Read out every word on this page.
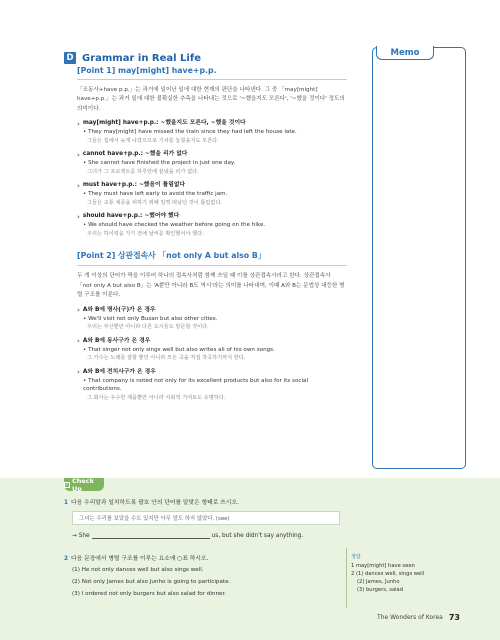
D Grammar in Real Life
[Point 1] may[might] have+p.p.
「조동사+have p.p.」는 과거에 일어난 일에 대한 현재의 판단을 나타낸다. 그 중 「may[might] have+p.p.」는 과거 일에 대한 불확실한 추측을 나타내는 것으로 '~했을지도 모른다', '~했을 것이다' 정도의 의미이다.
› may[might] have+p.p.: ~했을지도 모른다, ~했을 것이다
• They may[might] have missed the train since they had left the house late.
그들은 집에서 늦게 나갔으므로 기차를 놓쳤을지도 모른다.
› cannot have+p.p.: ~했을 리가 없다
• She cannot have finished the project in just one day.
그녀가 그 프로젝트를 하루만에 끝냈을 리가 없다.
› must have+p.p.: ~했음이 틀림없다
• They must have left early to avoid the traffic jam.
그들은 교통 체증을 피하기 위해 일찍 떠났던 것이 틀림없다.
› should have+p.p.: ~했어야 했다
• We should have checked the weather before going on the hike.
우리는 하이킹을 가기 전에 날씨를 확인했어야 했다.
[Point 2] 상관접속사 「not only A but also B」
두 개 이상의 단어가 짝을 이루어 하나의 접속사처럼 함께 쓰일 때 이를 상관접속사라고 한다. 상관접속사 「not only A but also B」는 'A뿐만 아니라 B도 역시'라는 의미를 나타내며, 이때 A와 B는 문법상 대등한 병렬 구조를 이룬다.
› A와 B에 명사(구)가 온 경우
• We'll visit not only Busan but also other cities.
우리는 부산뿐만 아니라 다른 도시들도 방문할 것이다.
› A와 B에 동사구가 온 경우
• That singer not only sings well but also writes all of his own songs.
그 가수는 노래를 잘할 뿐만 아니라 모든 곡을 직접 작곡하기까지 한다.
› A와 B에 전치사구가 온 경우
• That company is noted not only for its excellent products but also for its social contributions.
그 회사는 우수한 제품뿐만 아니라 사회적 기여로도 유명하다.
Memo
✓ Check Up
1 다음 우리말과 일치하도록 괄호 안의 단어를 알맞은 형태로 쓰시오.
그녀는 우리를 보았을 수도 있지만 아무 말도 하지 않았다. (see)
→ She	us, but she didn't say anything.
2 다음 문장에서 병렬 구조를 이루는 요소에 ○표 하시오.
(1) He not only dances well but also sings well.
(2) Not only James but also Junho is going to participate.
(3) I ordered not only burgers but also salad for dinner.
정답
1 may[might] have seen
2 (1) dances well, sings well
(2) James, Junho
(3) burgers, salad
The Wonders of Korea 73
